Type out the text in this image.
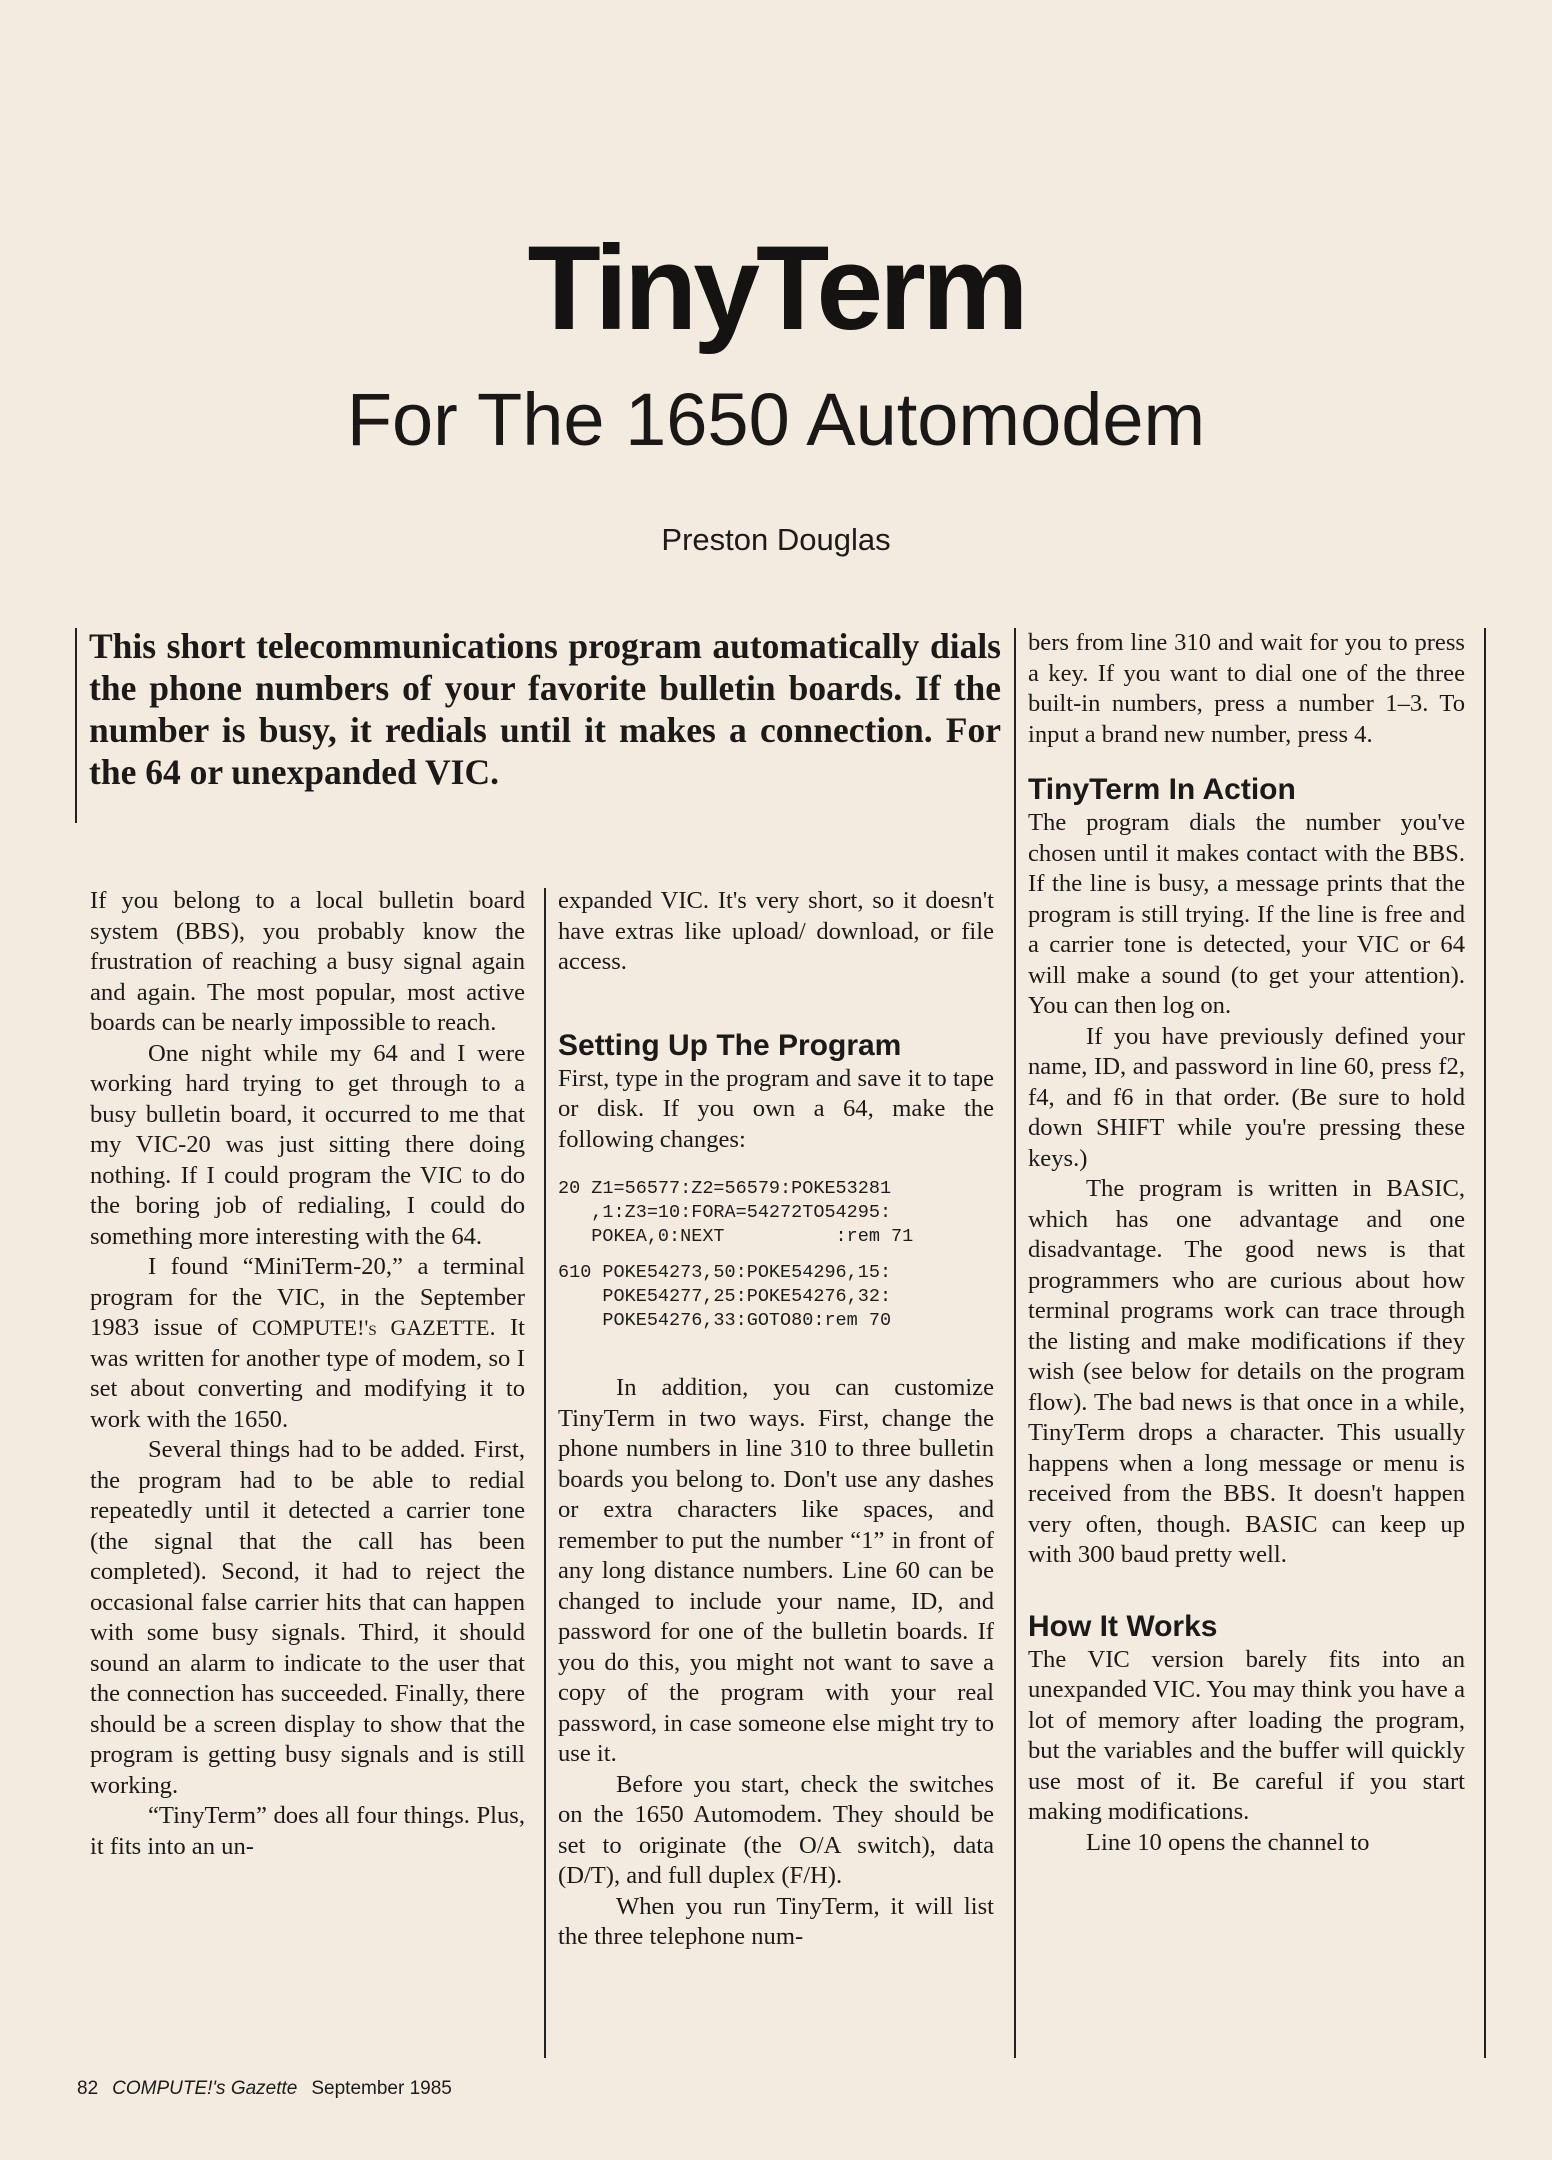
TinyTerm
For The 1650 Automodem
Preston Douglas

This short telecommunications program automatically dials the phone numbers of your favorite bulletin boards. If the number is busy, it redials until it makes a connection. For the 64 or unexpanded VIC.

If you belong to a local bulletin board system (BBS), you probably know the frustration of reaching a busy signal again and again. The most popular, most active boards can be nearly impossible to reach.

One night while my 64 and I were working hard trying to get through to a busy bulletin board, it occurred to me that my VIC-20 was just sitting there doing nothing. If I could program the VIC to do the boring job of redialing, I could do something more interesting with the 64.

I found “MiniTerm-20,” a terminal program for the VIC, in the September 1983 issue of COMPUTE!'s GAZETTE. It was written for another type of modem, so I set about converting and modifying it to work with the 1650.

Several things had to be added. First, the program had to be able to redial repeatedly until it detected a carrier tone (the signal that the call has been completed). Second, it had to reject the occasional false carrier hits that can happen with some busy signals. Third, it should sound an alarm to indicate to the user that the connection has succeeded. Finally, there should be a screen display to show that the program is getting busy signals and is still working.

“TinyTerm” does all four things. Plus, it fits into an un-

expanded VIC. It's very short, so it doesn't have extras like upload/ download, or file access.

Setting Up The Program

First, type in the program and save it to tape or disk. If you own a 64, make the following changes:

20 Z1=56577:Z2=56579:POKE53281
,1:Z3=10:FORA=54272TO54295:
POKEA,0:NEXT          :rem 71
610 POKE54273,50:POKE54296,15:
POKE54277,25:POKE54276,32:
POKE54276,33:GOTO80:rem 70

In addition, you can customize TinyTerm in two ways. First, change the phone numbers in line 310 to three bulletin boards you belong to. Don't use any dashes or extra characters like spaces, and remember to put the number “1” in front of any long distance numbers. Line 60 can be changed to include your name, ID, and password for one of the bulletin boards. If you do this, you might not want to save a copy of the program with your real password, in case someone else might try to use it.

Before you start, check the switches on the 1650 Automodem. They should be set to originate (the O/A switch), data (D/T), and full duplex (F/H).

When you run TinyTerm, it will list the three telephone num-

bers from line 310 and wait for you to press a key. If you want to dial one of the three built-in numbers, press a number 1–3. To input a brand new number, press 4.

TinyTerm In Action

The program dials the number you've chosen until it makes contact with the BBS. If the line is busy, a message prints that the program is still trying. If the line is free and a carrier tone is detected, your VIC or 64 will make a sound (to get your attention). You can then log on.

If you have previously defined your name, ID, and password in line 60, press f2, f4, and f6 in that order. (Be sure to hold down SHIFT while you're pressing these keys.)

The program is written in BASIC, which has one advantage and one disadvantage. The good news is that programmers who are curious about how terminal programs work can trace through the listing and make modifications if they wish (see below for details on the program flow). The bad news is that once in a while, TinyTerm drops a character. This usually happens when a long message or menu is received from the BBS. It doesn't happen very often, though. BASIC can keep up with 300 baud pretty well.

How It Works

The VIC version barely fits into an unexpanded VIC. You may think you have a lot of memory after loading the program, but the variables and the buffer will quickly use most of it. Be careful if you start making modifications.

Line 10 opens the channel to

82 COMPUTE!'s Gazette September 1985
